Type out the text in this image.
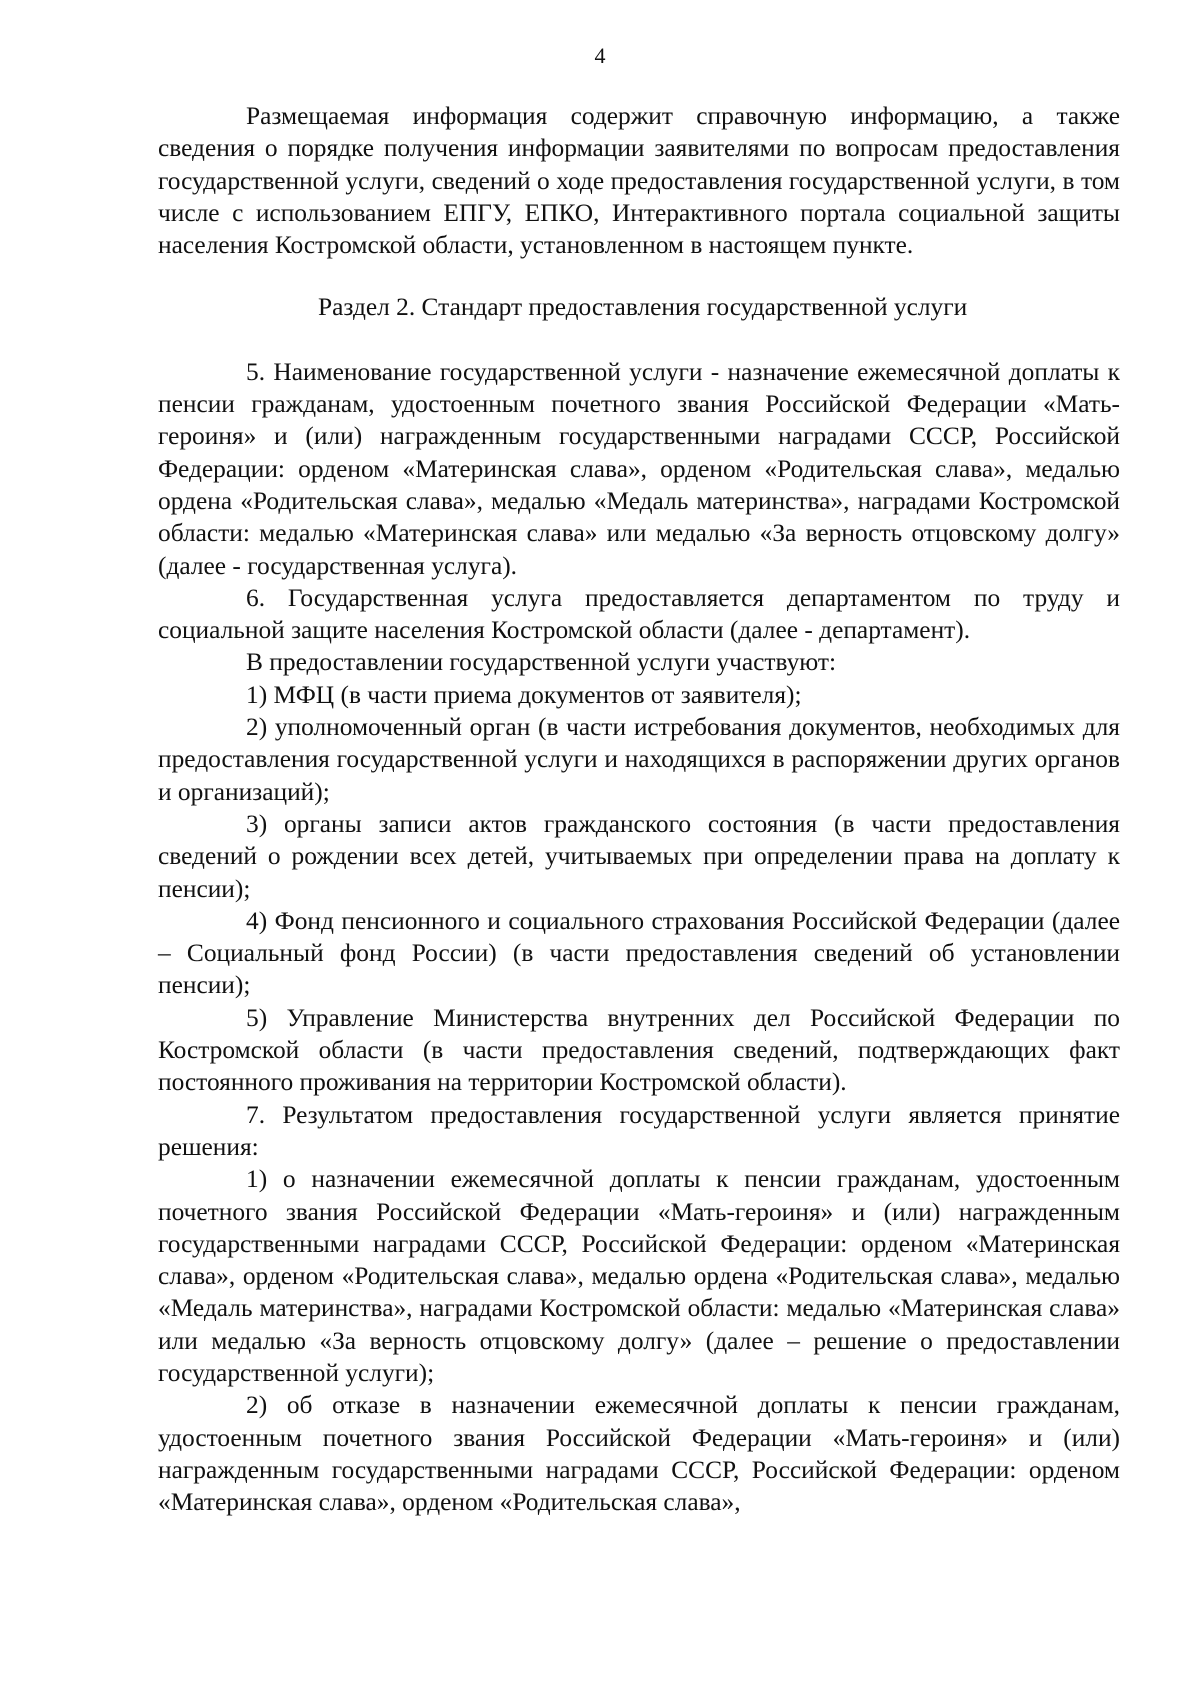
4

Размещаемая информация содержит справочную информацию, а также сведения о порядке получения информации заявителями по вопросам предоставления государственной услуги, сведений о ходе предоставления государственной услуги, в том числе с использованием ЕПГУ, ЕПКО, Интерактивного портала социальной защиты населения Костромской области, установленном в настоящем пункте.

Раздел 2. Стандарт предоставления государственной услуги

5. Наименование государственной услуги - назначение ежемесячной доплаты к пенсии гражданам, удостоенным почетного звания Российской Федерации «Мать-героиня» и (или) награжденным государственными наградами СССР, Российской Федерации: орденом «Материнская слава», орденом «Родительская слава», медалью ордена «Родительская слава», медалью «Медаль материнства», наградами Костромской области: медалью «Материнская слава» или медалью «За верность отцовскому долгу» (далее - государственная услуга).

6. Государственная услуга предоставляется департаментом по труду и социальной защите населения Костромской области (далее - департамент).

В предоставлении государственной услуги участвуют:

1) МФЦ (в части приема документов от заявителя);

2) уполномоченный орган (в части истребования документов, необходимых для предоставления государственной услуги и находящихся в распоряжении других органов и организаций);

3) органы записи актов гражданского состояния (в части предоставления сведений о рождении всех детей, учитываемых при определении права на доплату к пенсии);

4) Фонд пенсионного и социального страхования Российской Федерации (далее – Социальный фонд России) (в части предоставления сведений об установлении пенсии);

5) Управление Министерства внутренних дел Российской Федерации по Костромской области (в части предоставления сведений, подтверждающих факт постоянного проживания на территории Костромской области).

7. Результатом предоставления государственной услуги является принятие решения:

1) о назначении ежемесячной доплаты к пенсии гражданам, удостоенным почетного звания Российской Федерации «Мать-героиня» и (или) награжденным государственными наградами СССР, Российской Федерации: орденом «Материнская слава», орденом «Родительская слава», медалью ордена «Родительская слава», медалью «Медаль материнства», наградами Костромской области: медалью «Материнская слава» или медалью «За верность отцовскому долгу» (далее – решение о предоставлении государственной услуги);

2) об отказе в назначении ежемесячной доплаты к пенсии гражданам, удостоенным почетного звания Российской Федерации «Мать-героиня» и (или) награжденным государственными наградами СССР, Российской Федерации: орденом «Материнская слава», орденом «Родительская слава»,
